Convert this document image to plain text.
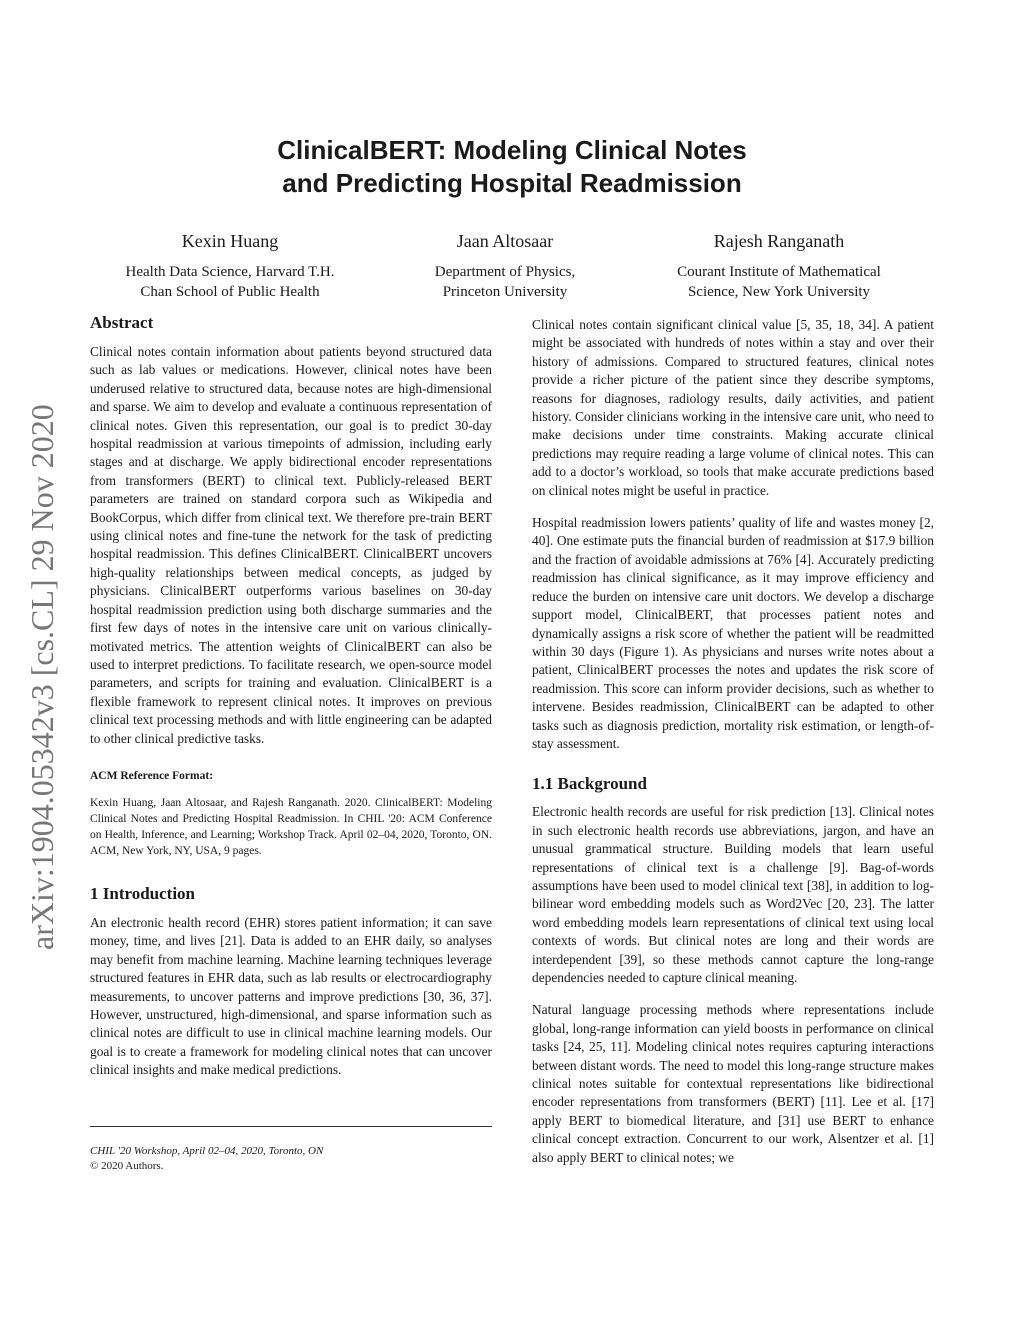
arXiv:1904.05342v3 [cs.CL] 29 Nov 2020
ClinicalBERT: Modeling Clinical Notes
and Predicting Hospital Readmission
Kexin Huang
Health Data Science, Harvard T.H.
Chan School of Public Health
Jaan Altosaar
Department of Physics,
Princeton University
Rajesh Ranganath
Courant Institute of Mathematical
Science, New York University
Abstract

Clinical notes contain information about patients beyond structured data such as lab values or medications. However, clinical notes have been underused relative to structured data, because notes are high-dimensional and sparse. We aim to develop and evaluate a continuous representation of clinical notes. Given this representation, our goal is to predict 30-day hospital readmission at various timepoints of admission, including early stages and at discharge. We apply bidirectional encoder representations from transformers (BERT) to clinical text. Publicly-released BERT parameters are trained on standard corpora such as Wikipedia and BookCorpus, which differ from clinical text. We therefore pre-train BERT using clinical notes and fine-tune the network for the task of predicting hospital readmission. This defines ClinicalBERT. ClinicalBERT uncovers high-quality relationships between medical concepts, as judged by physicians. ClinicalBERT outperforms various baselines on 30-day hospital readmission prediction using both discharge summaries and the first few days of notes in the intensive care unit on various clinically-motivated metrics. The attention weights of ClinicalBERT can also be used to interpret predictions. To facilitate research, we open-source model parameters, and scripts for training and evaluation. ClinicalBERT is a flexible framework to represent clinical notes. It improves on previous clinical text processing methods and with little engineering can be adapted to other clinical predictive tasks.

ACM Reference Format:

Kexin Huang, Jaan Altosaar, and Rajesh Ranganath. 2020. ClinicalBERT: Modeling Clinical Notes and Predicting Hospital Readmission. In CHIL '20: ACM Conference on Health, Inference, and Learning; Workshop Track. April 02–04, 2020, Toronto, ON. ACM, New York, NY, USA, 9 pages.

1 Introduction

An electronic health record (EHR) stores patient information; it can save money, time, and lives [21]. Data is added to an EHR daily, so analyses may benefit from machine learning. Machine learning techniques leverage structured features in EHR data, such as lab results or electrocardiography measurements, to uncover patterns and improve predictions [30, 36, 37]. However, unstructured, high-dimensional, and sparse information such as clinical notes are difficult to use in clinical machine learning models. Our goal is to create a framework for modeling clinical notes that can uncover clinical insights and make medical predictions.

CHIL '20 Workshop, April 02–04, 2020, Toronto, ON
© 2020 Authors.

Clinical notes contain significant clinical value [5, 35, 18, 34]. A patient might be associated with hundreds of notes within a stay and over their history of admissions. Compared to structured features, clinical notes provide a richer picture of the patient since they describe symptoms, reasons for diagnoses, radiology results, daily activities, and patient history. Consider clinicians working in the intensive care unit, who need to make decisions under time constraints. Making accurate clinical predictions may require reading a large volume of clinical notes. This can add to a doctor’s workload, so tools that make accurate predictions based on clinical notes might be useful in practice.

Hospital readmission lowers patients’ quality of life and wastes money [2, 40]. One estimate puts the financial burden of readmission at $17.9 billion and the fraction of avoidable admissions at 76% [4]. Accurately predicting readmission has clinical significance, as it may improve efficiency and reduce the burden on intensive care unit doctors. We develop a discharge support model, ClinicalBERT, that processes patient notes and dynamically assigns a risk score of whether the patient will be readmitted within 30 days (Figure 1). As physicians and nurses write notes about a patient, ClinicalBERT processes the notes and updates the risk score of readmission. This score can inform provider decisions, such as whether to intervene. Besides readmission, ClinicalBERT can be adapted to other tasks such as diagnosis prediction, mortality risk estimation, or length-of-stay assessment.

1.1 Background

Electronic health records are useful for risk prediction [13]. Clinical notes in such electronic health records use abbreviations, jargon, and have an unusual grammatical structure. Building models that learn useful representations of clinical text is a challenge [9]. Bag-of-words assumptions have been used to model clinical text [38], in addition to log-bilinear word embedding models such as Word2Vec [20, 23]. The latter word embedding models learn representations of clinical text using local contexts of words. But clinical notes are long and their words are interdependent [39], so these methods cannot capture the long-range dependencies needed to capture clinical meaning.

Natural language processing methods where representations include global, long-range information can yield boosts in performance on clinical tasks [24, 25, 11]. Modeling clinical notes requires capturing interactions between distant words. The need to model this long-range structure makes clinical notes suitable for contextual representations like bidirectional encoder representations from transformers (BERT) [11]. Lee et al. [17] apply BERT to biomedical literature, and [31] use BERT to enhance clinical concept extraction. Concurrent to our work, Alsentzer et al. [1] also apply BERT to clinical notes; we
